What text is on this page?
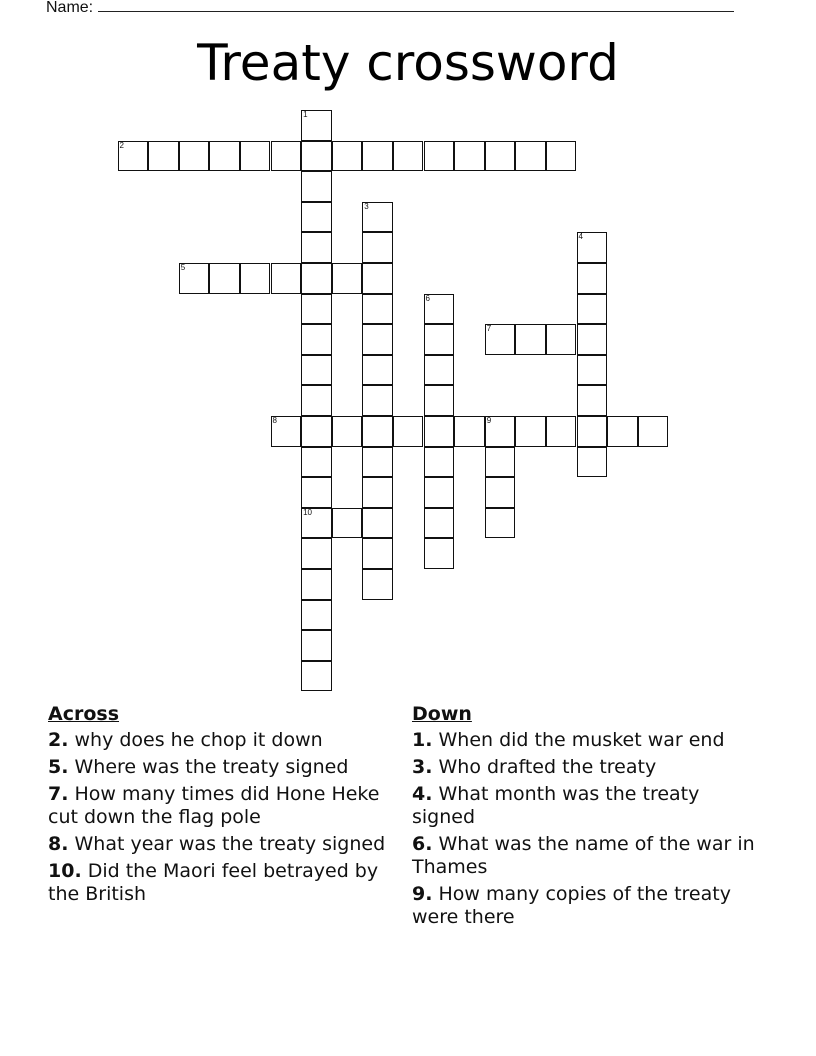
Name:
Treaty crossword
1
10
2
3
4
5
6
7
8	9
Across
2. why does he chop it down
5. Where was the treaty signed
7. How many times did Hone Heke cut down the flag pole
8. What year was the treaty signed
10. Did the Maori feel betrayed by the British
Down
1. When did the musket war end
3. Who drafted the treaty
4. What month was the treaty signed
6. What was the name of the war in Thames
9. How many copies of the treaty were there
